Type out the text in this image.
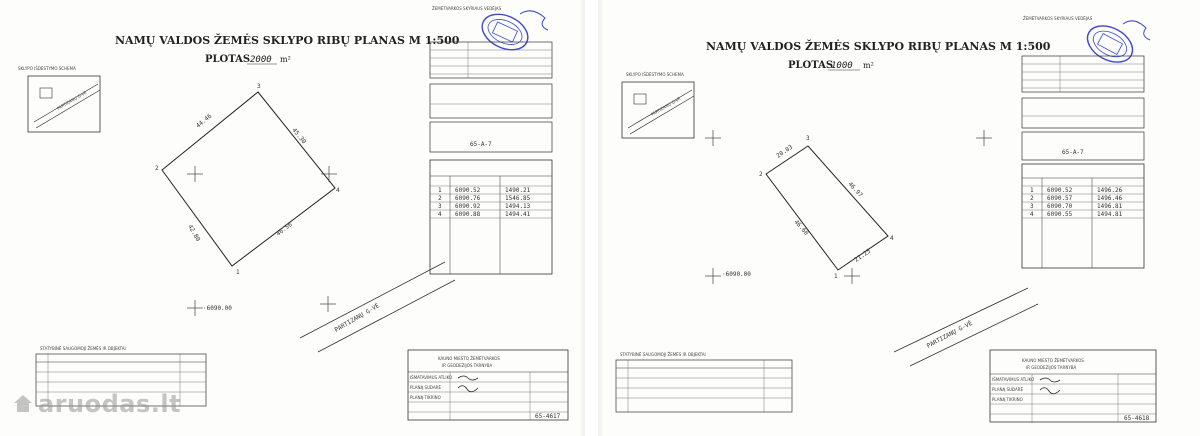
NAMŲ VALDOS ŽEMĖS SKLYPO RIBŲ PLANAS M 1:500
PLOTAS 2000 m²
SKLYPO IŠDĖSTYMO SCHEMA
PARTIZANŲ G-VĖ
2
3
4
1
44.46
45.30
46.56
42.80
·6090.00	PARTIZANŲ G-VĖ
ŽEMĖTVARKOS SKYRIAUS VEDĖJAS
65-A-7
1 6090.52	1490.21
2 6090.76	1546.85
3 6090.92	1494.13
4 6090.88	1494.41
STATYBINĖ SAUGOMOJI ŽEMĖS IR OBJEKTAI
KAUNO MIESTO ŽEMĖTVARKOS
IR GEODEZIJOS TARNYBA
IŠMATAVIMUS ATLIKO
PLANĄ SUDARĖ
PLANĄ TIKRINO
65-4617
NAMŲ VALDOS ŽEMĖS SKLYPO RIBŲ PLANAS M 1:500
PLOTAS
1000 m²
SKLYPO IŠDĖSTYMO SCHEMA
PARTIZANŲ G-VĖ
2
3
4
1
20.03
46.97
21.25
46.60
·6090.00
PARTIZANŲ G-VĖ
ŽEMĖTVARKOS SKYRIAUS VEDĖJAS
65-A-7
1 6090.52	1496.26
2 6090.57	1496.46
3 6090.70	1496.81
4 6090.55	1494.81
STATYBINĖ SAUGOMOJI ŽEMĖS IR OBJEKTAI
KAUNO MIESTO ŽEMĖTVARKOS
IR GEODEZIJOS TARNYBA
IŠMATAVIMUS ATLIKO
PLANĄ SUDARĖ
PLANĄ TIKRINO
65-4618
aruodas.lt
